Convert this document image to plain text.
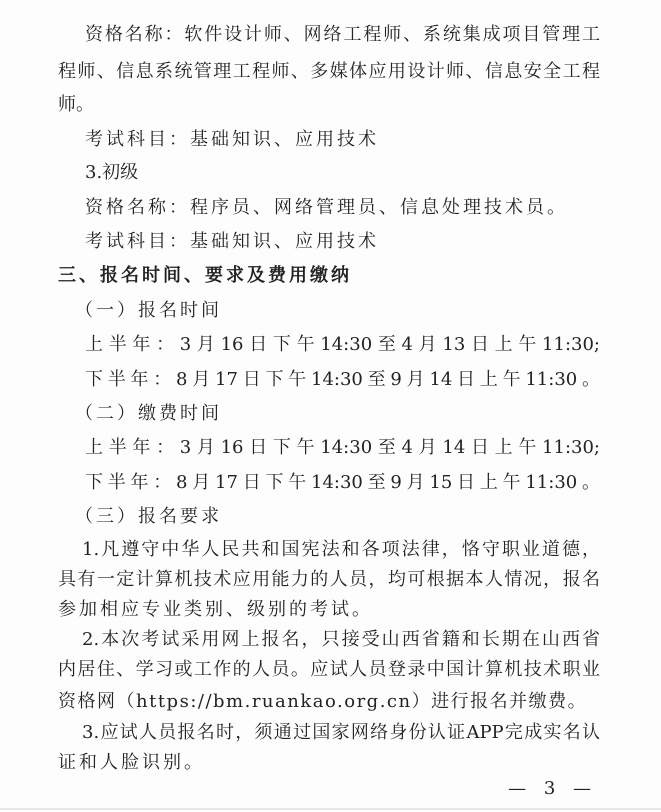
资格名称：软件设计师、网络工程师、系统集成项目管理工
程师、信息系统管理工程师、多媒体应用设计师、信息安全工程
师。
考试科目：基础知识、应用技术
3.初级
资格名称：程序员、网络管理员、信息处理技术员。
考试科目：基础知识、应用技术
三、报名时间、要求及费用缴纳
（一）报名时间
上半年：3月16日下午14:30至4月13日上午11:30;
下半年：8月17日下午14:30至9月14日上午11:30。
（二）缴费时间
上半年：3月16日下午14:30至4月14日上午11:30;
下半年：8月17日下午14:30至9月15日上午11:30。
（三）报名要求
1.凡遵守中华人民共和国宪法和各项法律，恪守职业道德，
具有一定计算机技术应用能力的人员，均可根据本人情况，报名
参加相应专业类别、级别的考试。
2.本次考试采用网上报名，只接受山西省籍和长期在山西省
内居住、学习或工作的人员。应试人员登录中国计算机技术职业
资格网（https://bm.ruankao.org.cn）进行报名并缴费。
3.应试人员报名时，须通过国家网络身份认证APP完成实名认
证和人脸识别。
— 3 —
